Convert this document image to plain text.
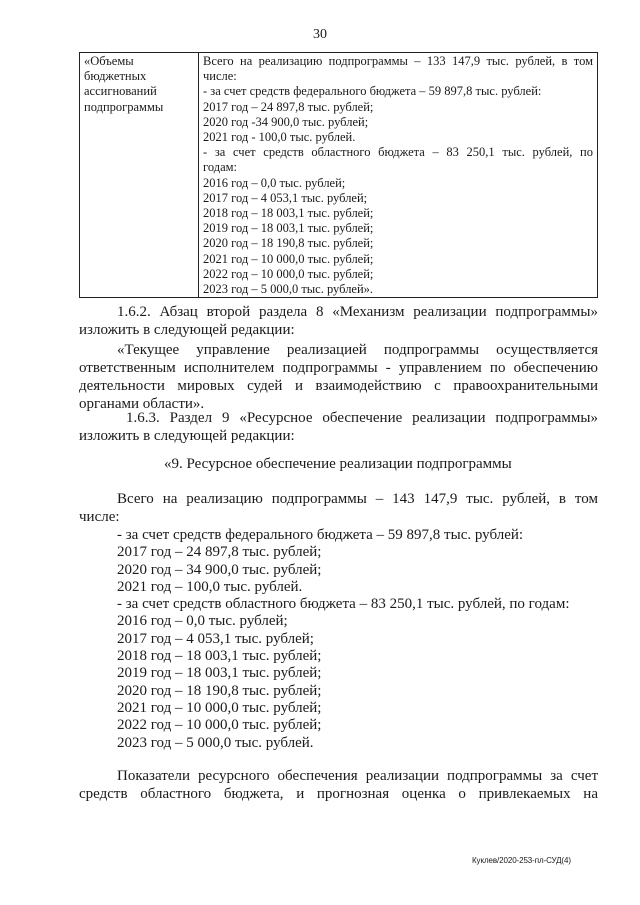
30
«Объемы
бюджетных
ассигнований
подпрограммы

Всего на реализацию подпрограммы – 133 147,9 тыс. рублей, в том
числе:
- за счет средств федерального бюджета – 59 897,8 тыс. рублей:
2017 год – 24 897,8 тыс. рублей;
2020 год -34 900,0 тыс. рублей;
2021 год - 100,0 тыс. рублей.
- за счет средств областного бюджета – 83 250,1 тыс. рублей, по
годам:
2016 год – 0,0 тыс. рублей;
2017 год – 4 053,1 тыс. рублей;
2018 год – 18 003,1 тыс. рублей;
2019 год – 18 003,1 тыс. рублей;
2020 год – 18 190,8 тыс. рублей;
2021 год – 10 000,0 тыс. рублей;
2022 год – 10 000,0 тыс. рублей;
2023 год – 5 000,0 тыс. рублей».
1.6.2. Абзац второй раздела 8 «Механизм реализации подпрограммы»
изложить в следующей редакции:
«Текущее управление реализацией подпрограммы осуществляется
ответственным исполнителем подпрограммы - управлением по обеспечению
деятельности мировых судей и взаимодействию с правоохранительными
органами области».
1.6.3. Раздел 9 «Ресурсное обеспечение реализации подпрограммы»
изложить в следующей редакции:
«9. Ресурсное обеспечение реализации подпрограммы
Всего на реализацию подпрограммы – 143 147,9 тыс. рублей, в том
числе:
- за счет средств федерального бюджета – 59 897,8 тыс. рублей:
2017 год – 24 897,8 тыс. рублей;
2020 год – 34 900,0 тыс. рублей;
2021 год – 100,0 тыс. рублей.
- за счет средств областного бюджета – 83 250,1 тыс. рублей, по годам:
2016 год – 0,0 тыс. рублей;
2017 год – 4 053,1 тыс. рублей;
2018 год – 18 003,1 тыс. рублей;
2019 год – 18 003,1 тыс. рублей;
2020 год – 18 190,8 тыс. рублей;
2021 год – 10 000,0 тыс. рублей;
2022 год – 10 000,0 тыс. рублей;
2023 год – 5 000,0 тыс. рублей.
Показатели ресурсного обеспечения реализации подпрограммы за счет
средств областного бюджета, и прогнозная оценка о привлекаемых на
Куклев/2020-253-пл-СУД(4)
